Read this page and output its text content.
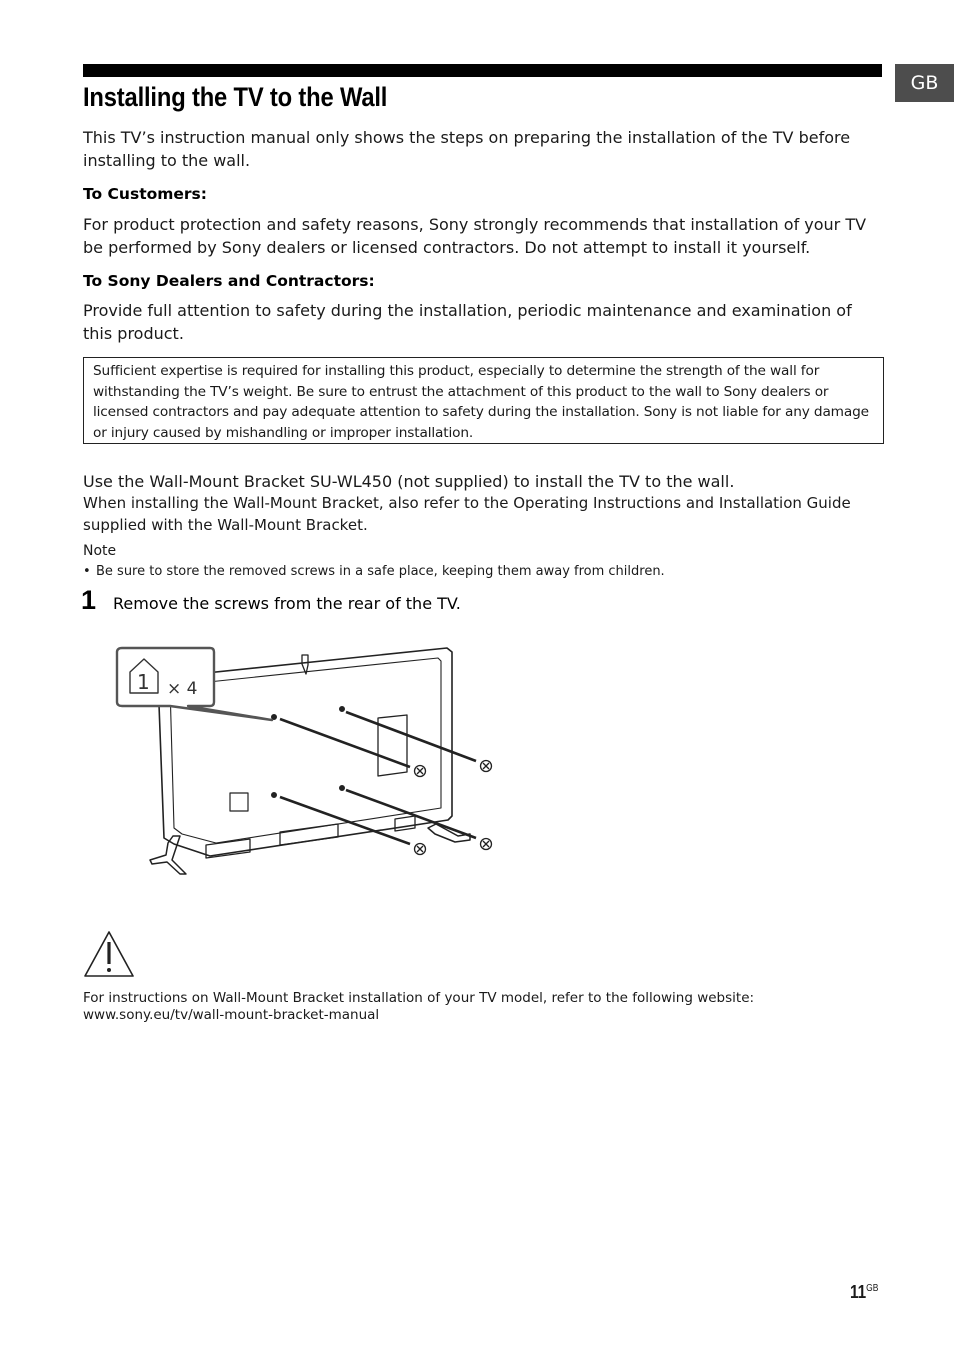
GB
Installing the TV to the Wall

This TV’s instruction manual only shows the steps on preparing the installation of the TV before installing to the wall.

To Customers:

For product protection and safety reasons, Sony strongly recommends that installation of your TV be performed by Sony dealers or licensed contractors. Do not attempt to install it yourself.

To Sony Dealers and Contractors:

Provide full attention to safety during the installation, periodic maintenance and examination of this product.

Sufficient expertise is required for installing this product, especially to determine the strength of the wall for withstanding the TV’s weight. Be sure to entrust the attachment of this product to the wall to Sony dealers or licensed contractors and pay adequate attention to safety during the installation. Sony is not liable for any damage or injury caused by mishandling or improper installation.

Use the Wall-Mount Bracket SU-WL450 (not supplied) to install the TV to the wall.

When installing the Wall-Mount Bracket, also refer to the Operating Instructions and Installation Guide supplied with the Wall-Mount Bracket.

Note

• Be sure to store the removed screws in a safe place, keeping them away from children.
1 Remove the screws from the rear of the TV.
1 × 4
For instructions on Wall-Mount Bracket installation of your TV model, refer to the following website:
www.sony.eu/tv/wall-mount-bracket-manual
$11^{GB}$
